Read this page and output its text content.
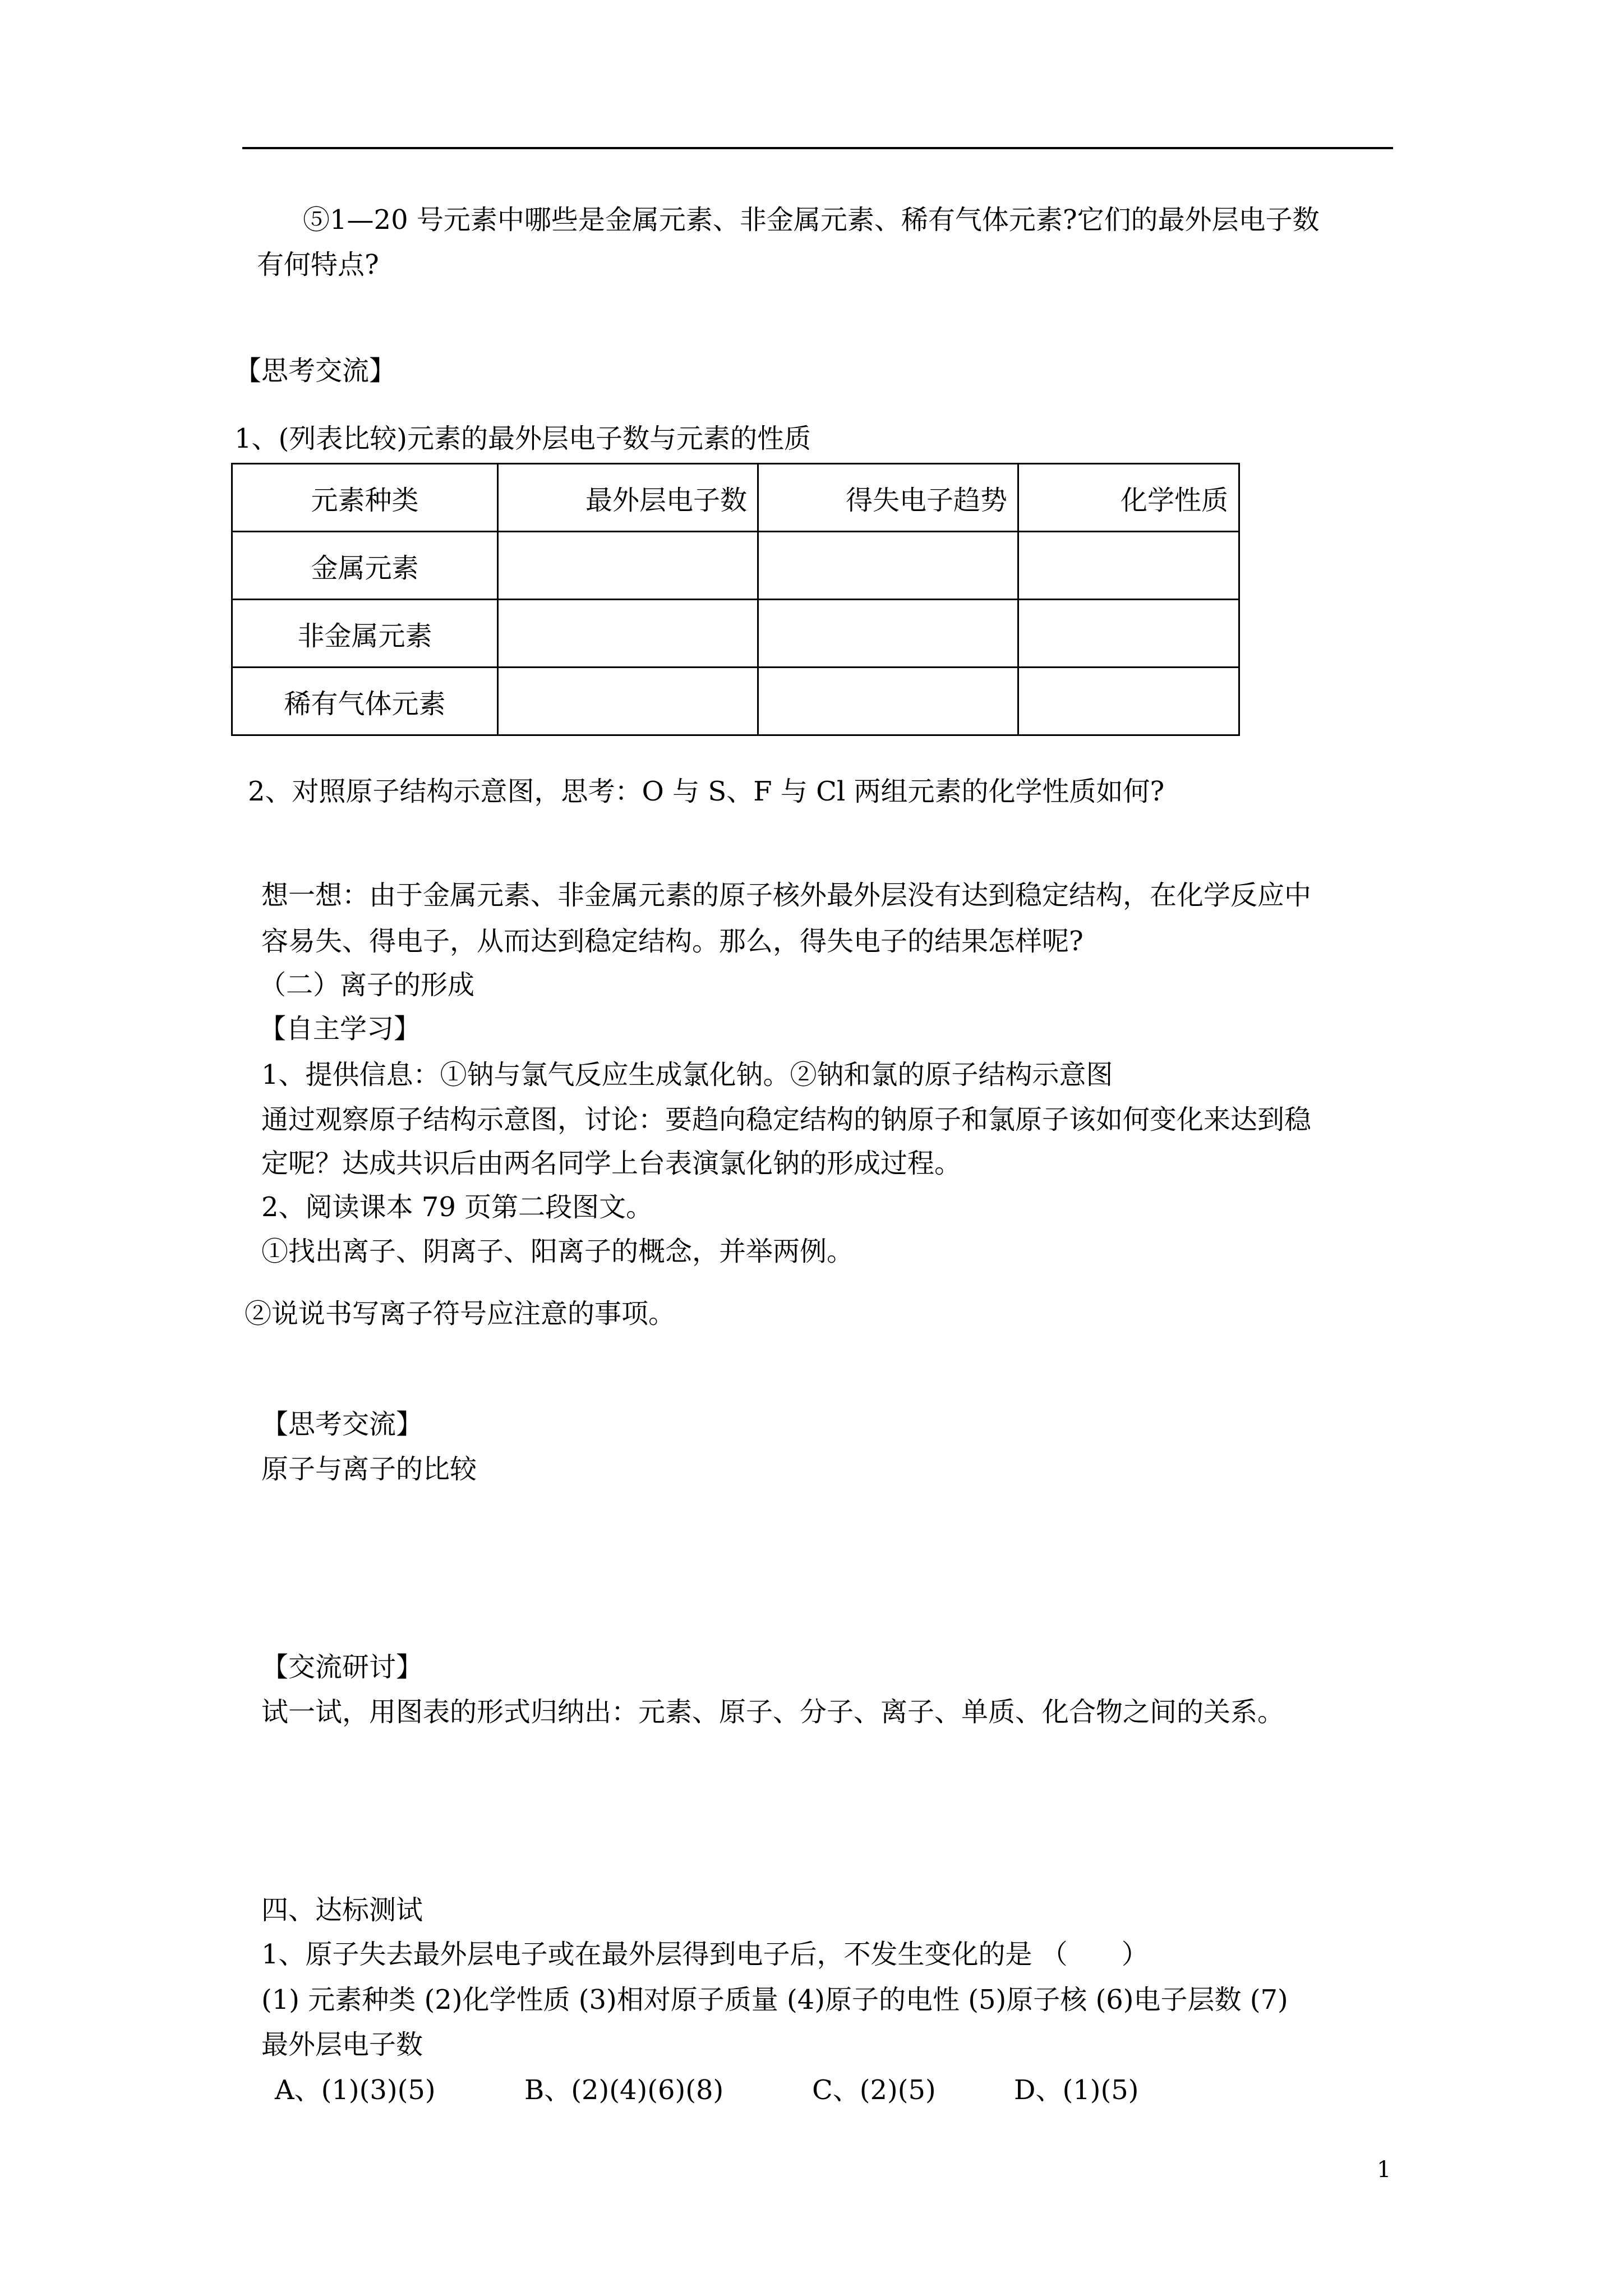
⑤1—20 号元素中哪些是金属元素、非金属元素、稀有气体元素?它们的最外层电子数
有何特点?
【思考交流】
1、(列表比较)元素的最外层电子数与元素的性质
元素种类	最外层电子数	得失电子趋势	化学性质
金属元素			
非金属元素			
稀有气体元素			
2、对照原子结构示意图，思考：O 与 S、F 与 Cl 两组元素的化学性质如何?
想一想：由于金属元素、非金属元素的原子核外最外层没有达到稳定结构，在化学反应中
容易失、得电子，从而达到稳定结构。那么，得失电子的结果怎样呢?
（二）离子的形成
【自主学习】
1、提供信息：①钠与氯气反应生成氯化钠。②钠和氯的原子结构示意图
通过观察原子结构示意图，讨论：要趋向稳定结构的钠原子和氯原子该如何变化来达到稳
定呢？达成共识后由两名同学上台表演氯化钠的形成过程。
2、阅读课本 79 页第二段图文。
①找出离子、阴离子、阳离子的概念，并举两例。
②说说书写离子符号应注意的事项。
【思考交流】
原子与离子的比较
【交流研讨】
试一试，用图表的形式归纳出：元素、原子、分子、离子、单质、化合物之间的关系。
四、达标测试
1、原子失去最外层电子或在最外层得到电子后，不发生变化的是 （　　）
(1) 元素种类 (2)化学性质 (3)相对原子质量 (4)原子的电性 (5)原子核 (6)电子层数 (7)
最外层电子数
A、(1)(3)(5)	B、(2)(4)(6)(8)	C、(2)(5)	D、(1)(5)
1
